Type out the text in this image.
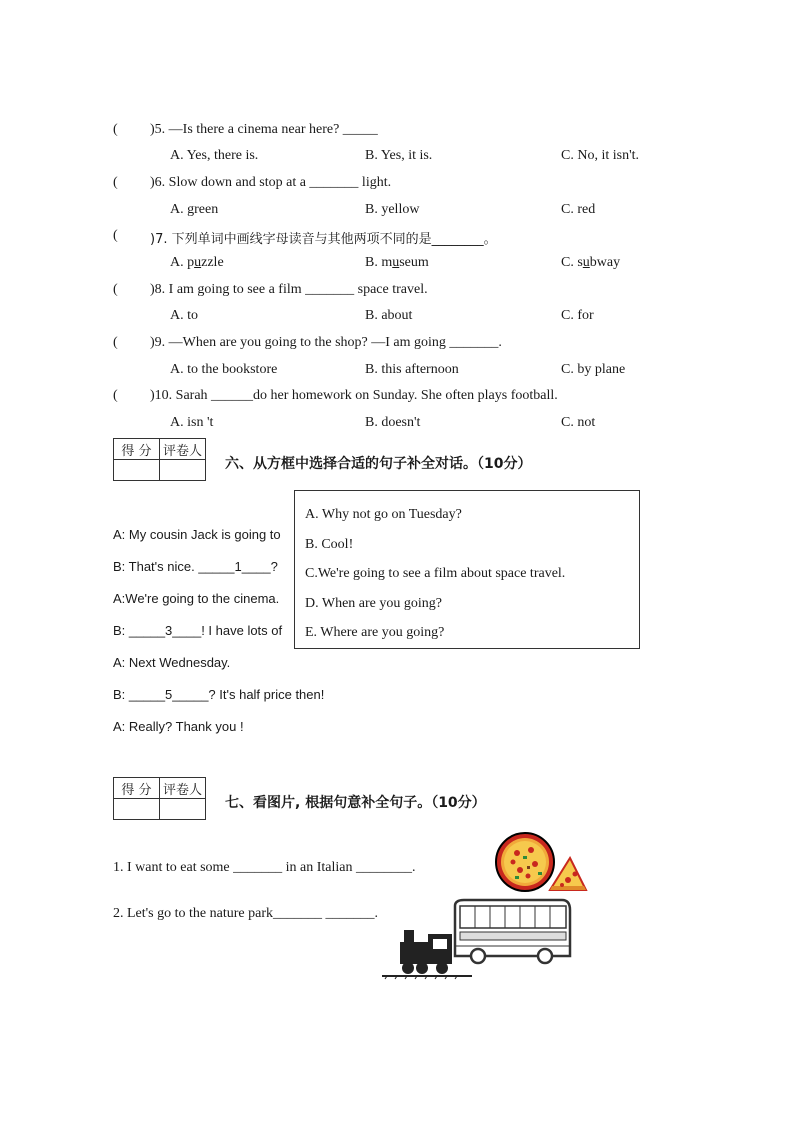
( )5. —Is there a cinema near here? _____
A. Yes, there is.	B. Yes, it is.	C. No, it isn't.
( )6. Slow down and stop at a _______ light.
A. green	B. yellow	C. red
( )7. 下列单词中画线字母读音与其他两项不同的是________。
A. puzzle	B. museum	C. subway
( )8. I am going to see a film _______ space travel.
A. to	B. about	C. for
( )9. —When are you going to the shop? —I am going _______.
A. to the bookstore	B. this afternoon	C. by plane
( )10. Sarah ______do her homework on Sunday. She often plays football.
A. isn 't	B. doesn't	C. not
得 分	评卷人

六、从方框中选择合适的句子补全对话。（10分）
A: My cousin Jack is going to
B: That's nice. _____1____?
A:We're going to the cinema.
B: _____3____! I have lots of
A: Next Wednesday.
B: _____5_____? It's half price then!
A: Really? Thank you !
A. Why not go on Tuesday?
B. Cool!
C.We're going to see a film about space travel.
D. When are you going?
E. Where are you going?
得 分	评卷人

七、看图片, 根据句意补全句子。（10分）
1. I want to eat some _______ in an Italian ________.
2. Let's go to the nature park_______ _______.
